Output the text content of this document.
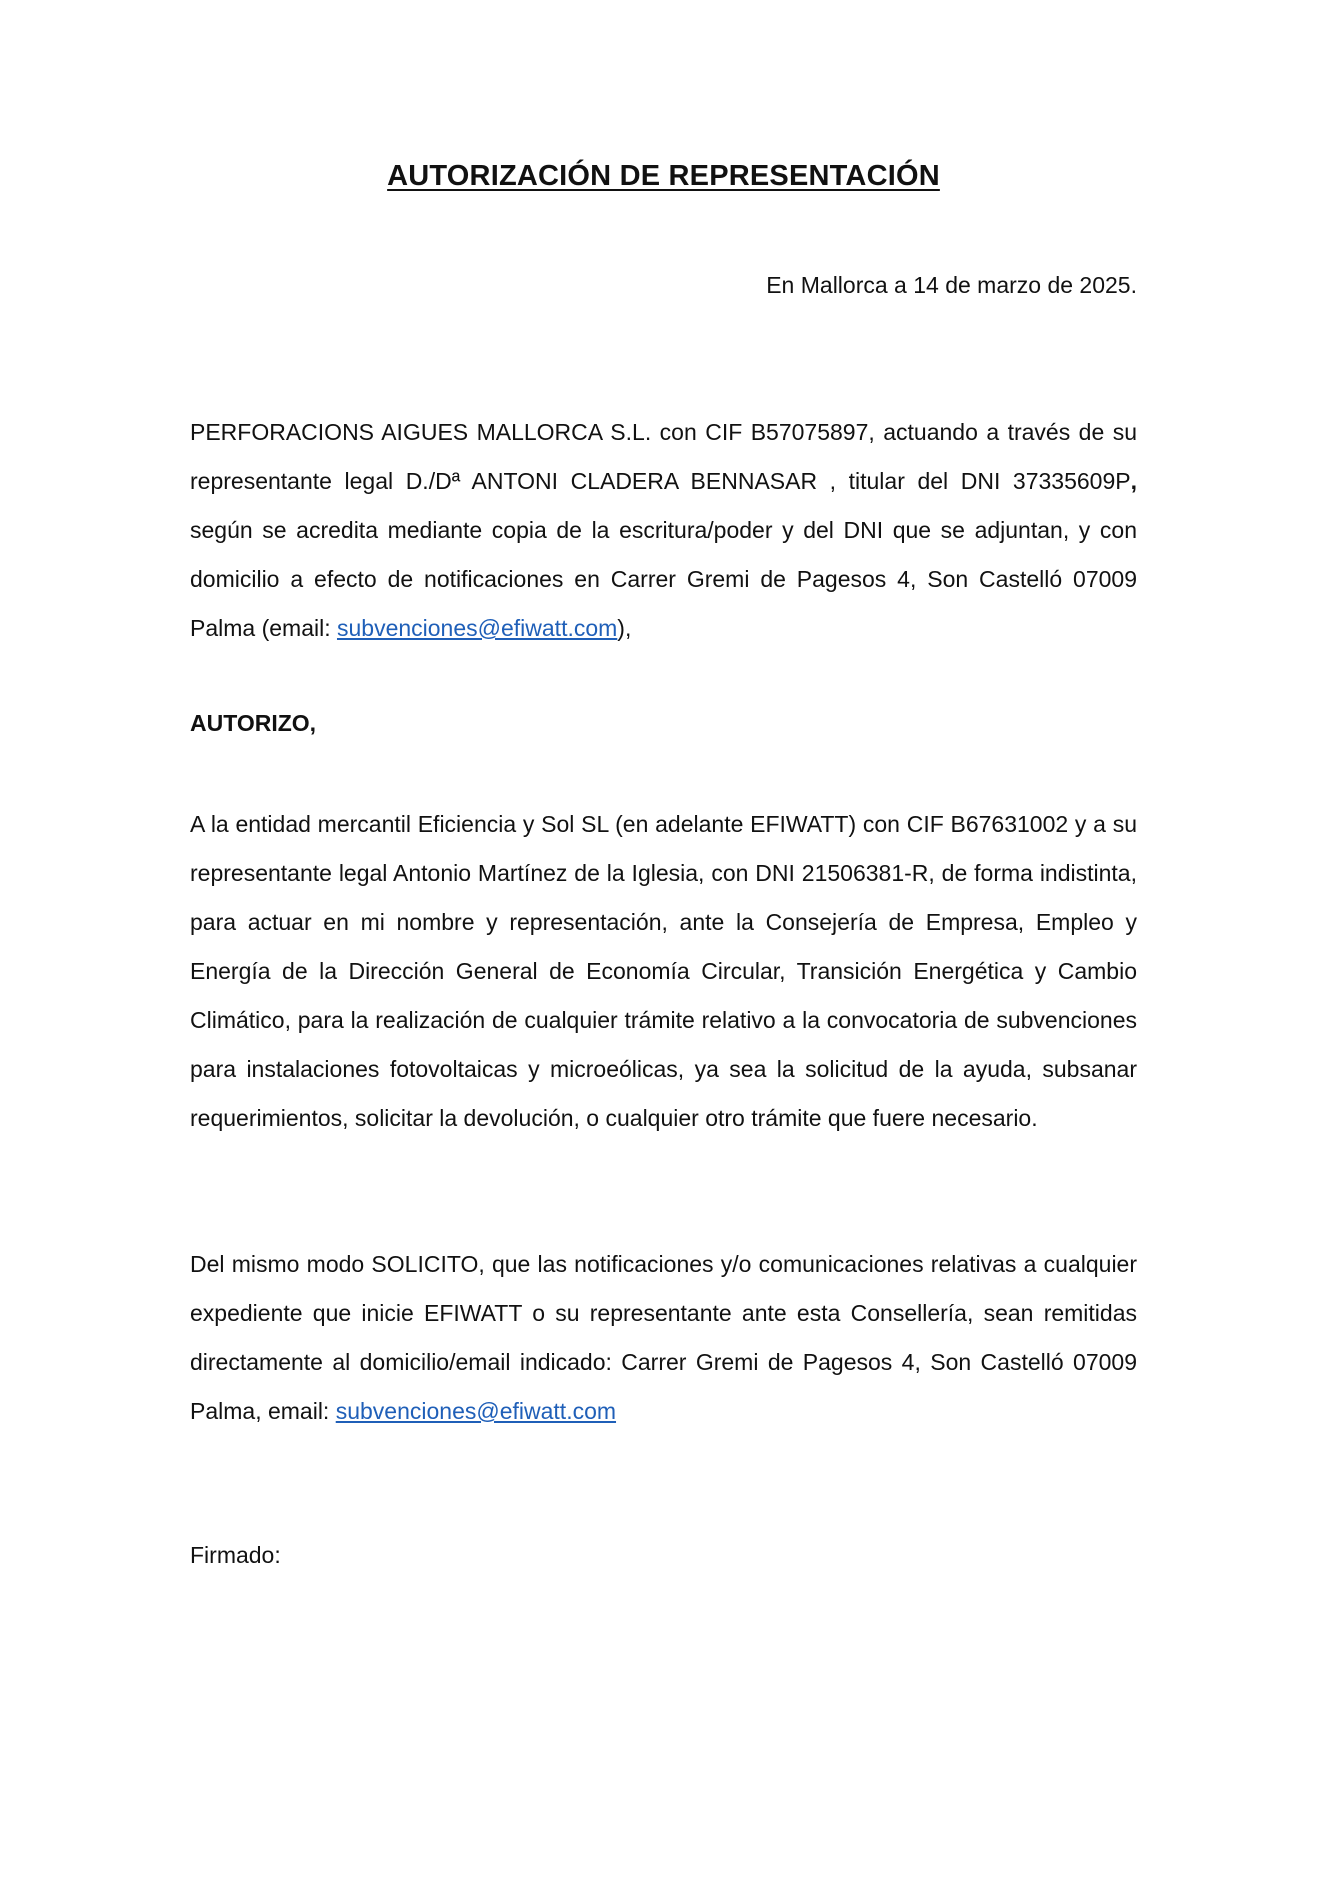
AUTORIZACIÓN DE REPRESENTACIÓN
En Mallorca a 14 de marzo de 2025.
PERFORACIONS AIGUES MALLORCA S.L. con CIF B57075897, actuando a través de su representante legal D./Dª ANTONI CLADERA BENNASAR , titular del DNI 37335609P, según se acredita mediante copia de la escritura/poder y del DNI que se adjuntan, y con domicilio a efecto de notificaciones en Carrer Gremi de Pagesos 4, Son Castelló 07009 Palma (email: subvenciones@efiwatt.com),
AUTORIZO,
A la entidad mercantil Eficiencia y Sol SL (en adelante EFIWATT) con CIF B67631002 y a su representante legal Antonio Martínez de la Iglesia, con DNI 21506381-R, de forma indistinta, para actuar en mi nombre y representación, ante la Consejería de Empresa, Empleo y Energía de la Dirección General de Economía Circular, Transición Energética y Cambio Climático, para la realización de cualquier trámite relativo a la convocatoria de subvenciones para instalaciones fotovoltaicas y microeólicas, ya sea la solicitud de la ayuda, subsanar requerimientos, solicitar la devolución, o cualquier otro trámite que fuere necesario.
Del mismo modo SOLICITO, que las notificaciones y/o comunicaciones relativas a cualquier expediente que inicie EFIWATT o su representante ante esta Consellería, sean remitidas directamente al domicilio/email indicado: Carrer Gremi de Pagesos 4, Son Castelló 07009 Palma, email: subvenciones@efiwatt.com
Firmado:
